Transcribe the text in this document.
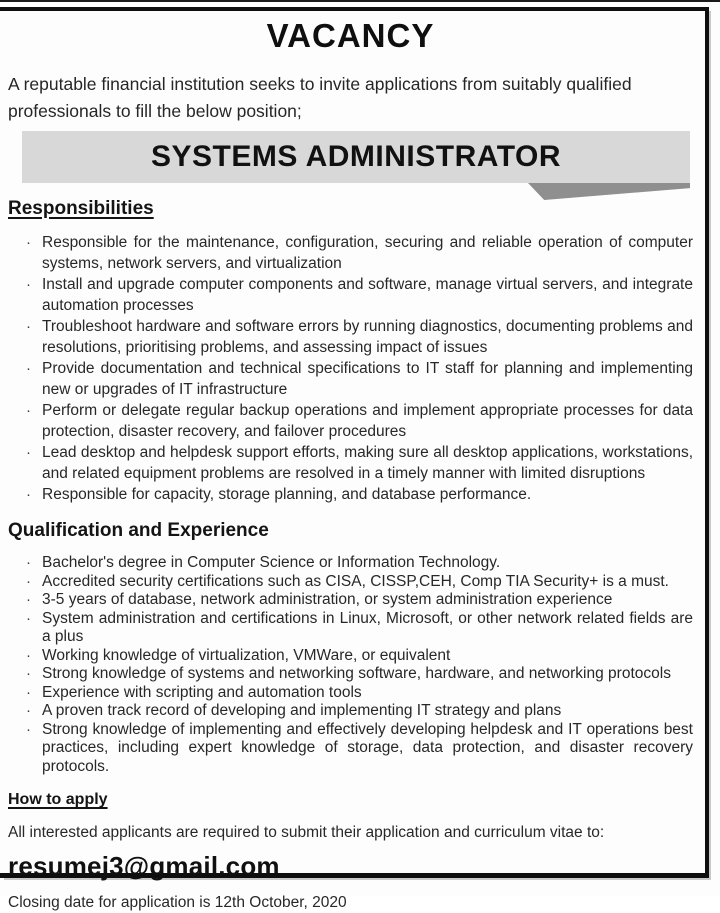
VACANCY

A reputable financial institution seeks to invite applications from suitably qualified professionals to fill the below position;

SYSTEMS ADMINISTRATOR
Responsibilities
· Responsible for the maintenance, configuration, securing and reliable operation of computer systems, network servers, and virtualization
· Install and upgrade computer components and software, manage virtual servers, and integrate automation processes
· Troubleshoot hardware and software errors by running diagnostics, documenting problems and resolutions, prioritising problems, and assessing impact of issues
· Provide documentation and technical specifications to IT staff for planning and implementing new or upgrades of IT infrastructure
· Perform or delegate regular backup operations and implement appropriate processes for data protection, disaster recovery, and failover procedures
· Lead desktop and helpdesk support efforts, making sure all desktop applications, workstations, and related equipment problems are resolved in a timely manner with limited disruptions
· Responsible for capacity, storage planning, and database performance.
Qualification and Experience
· Bachelor's degree in Computer Science or Information Technology.
· Accredited security certifications such as CISA, CISSP,CEH, Comp TIA Security+ is a must.
· 3-5 years of database, network administration, or system administration experience
· System administration and certifications in Linux, Microsoft, or other network related fields are a plus
· Working knowledge of virtualization, VMWare, or equivalent
· Strong knowledge of systems and networking software, hardware, and networking protocols
· Experience with scripting and automation tools
· A proven track record of developing and implementing IT strategy and plans
· Strong knowledge of implementing and effectively developing helpdesk and IT operations best practices, including expert knowledge of storage, data protection, and disaster recovery protocols.
How to apply

All interested applicants are required to submit their application and curriculum vitae to:

resumej3@gmail.com

Closing date for application is 12th October, 2020
